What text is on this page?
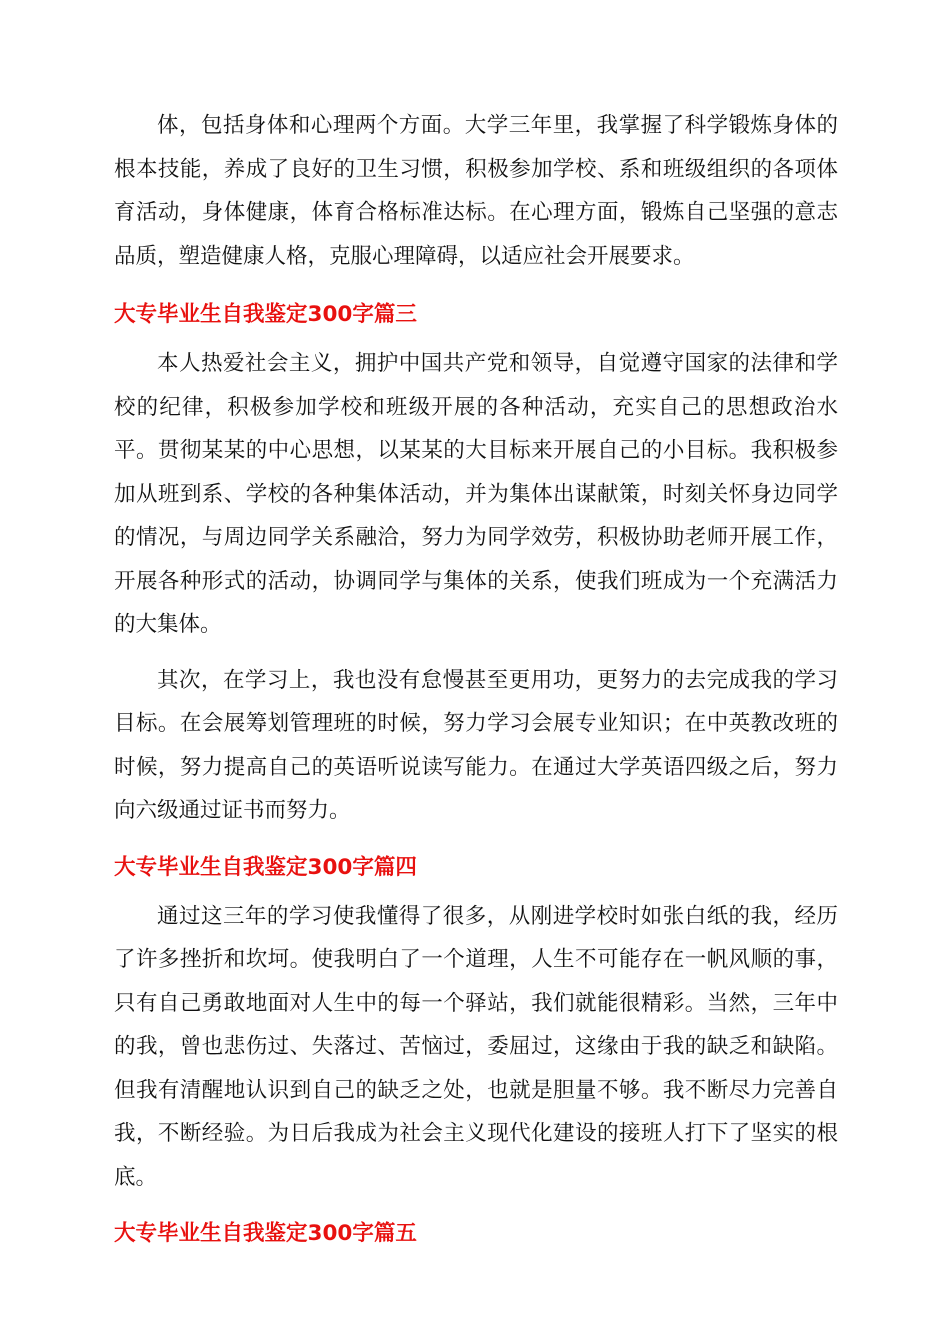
体，包括身体和心理两个方面。大学三年里，我掌握了科学锻炼身体的根本技能，养成了良好的卫生习惯，积极参加学校、系和班级组织的各项体育活动，身体健康，体育合格标准达标。在心理方面，锻炼自己坚强的意志品质，塑造健康人格，克服心理障碍，以适应社会开展要求。

大专毕业生自我鉴定300字篇三

本人热爱社会主义，拥护中国共产党和领导，自觉遵守国家的法律和学校的纪律，积极参加学校和班级开展的各种活动，充实自己的思想政治水平。贯彻某某的中心思想，以某某的大目标来开展自己的小目标。我积极参加从班到系、学校的各种集体活动，并为集体出谋献策，时刻关怀身边同学的情况，与周边同学关系融洽，努力为同学效劳，积极协助老师开展工作，开展各种形式的活动，协调同学与集体的关系，使我们班成为一个充满活力的大集体。

其次，在学习上，我也没有怠慢甚至更用功，更努力的去完成我的学习目标。在会展筹划管理班的时候，努力学习会展专业知识；在中英教改班的时候，努力提高自己的英语听说读写能力。在通过大学英语四级之后，努力向六级通过证书而努力。

大专毕业生自我鉴定300字篇四

通过这三年的学习使我懂得了很多，从刚进学校时如张白纸的我，经历了许多挫折和坎坷。使我明白了一个道理，人生不可能存在一帆风顺的事，只有自己勇敢地面对人生中的每一个驿站，我们就能很精彩。当然，三年中的我，曾也悲伤过、失落过、苦恼过，委屈过，这缘由于我的缺乏和缺陷。但我有清醒地认识到自己的缺乏之处，也就是胆量不够。我不断尽力完善自我，不断经验。为日后我成为社会主义现代化建设的接班人打下了坚实的根底。

大专毕业生自我鉴定300字篇五
